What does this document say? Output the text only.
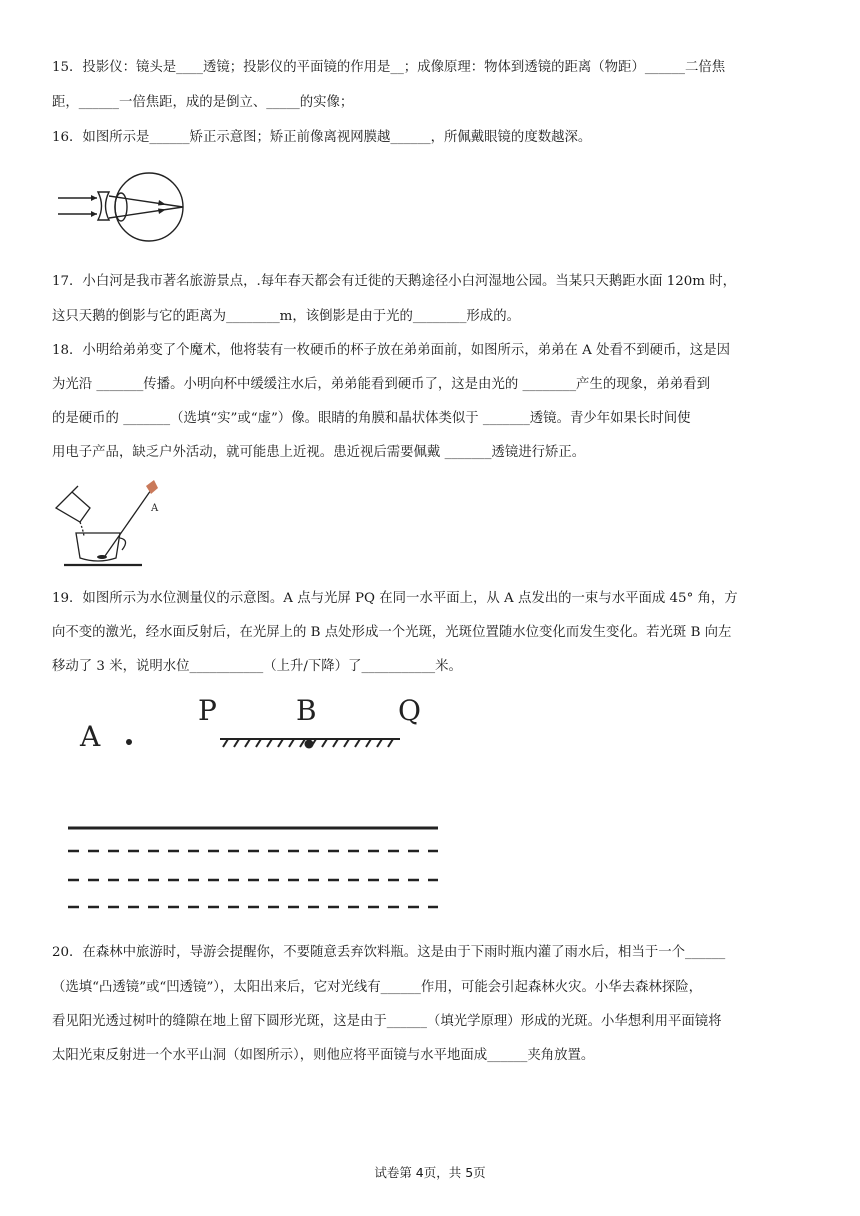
15．投影仪：镜头是____透镜；投影仪的平面镜的作用是__；成像原理：物体到透镜的距离（物距）______二倍焦
距，______一倍焦距，成的是倒立、_____的实像；
16．如图所示是______矫正示意图；矫正前像离视网膜越______，所佩戴眼镜的度数越深。
17．小白河是我市著名旅游景点，.每年春天都会有迁徙的天鹅途径小白河湿地公园。当某只天鹅距水面 120m 时，
这只天鹅的倒影与它的距离为________m，该倒影是由于光的________形成的。
18．小明给弟弟变了个魔术，他将装有一枚硬币的杯子放在弟弟面前，如图所示，弟弟在 A 处看不到硬币，这是因
为光沿 _______传播。小明向杯中缓缓注水后，弟弟能看到硬币了，这是由光的 ________产生的现象，弟弟看到
的是硬币的 _______（选填“实”或“虚”）像。眼睛的角膜和晶状体类似于 _______透镜。青少年如果长时间使
用电子产品，缺乏户外活动，就可能患上近视。患近视后需要佩戴 _______透镜进行矫正。
A
19．如图所示为水位测量仪的示意图。A 点与光屏 PQ 在同一水平面上，从 A 点发出的一束与水平面成 45° 角，方
向不变的激光，经水面反射后，在光屏上的 B 点处形成一个光斑，光斑位置随水位变化而发生变化。若光斑 B 向左
移动了 3 米，说明水位___________（上升/下降）了___________米。
A
P	B	Q
20．在森林中旅游时，导游会提醒你，不要随意丢弃饮料瓶。这是由于下雨时瓶内灌了雨水后，相当于一个______
（选填“凸透镜”或“凹透镜”），太阳出来后，它对光线有______作用，可能会引起森林火灾。小华去森林探险，
看见阳光透过树叶的缝隙在地上留下圆形光斑，这是由于______（填光学原理）形成的光斑。小华想利用平面镜将
太阳光束反射进一个水平山洞（如图所示），则他应将平面镜与水平地面成______夹角放置。
试卷第 4页，共 5页
